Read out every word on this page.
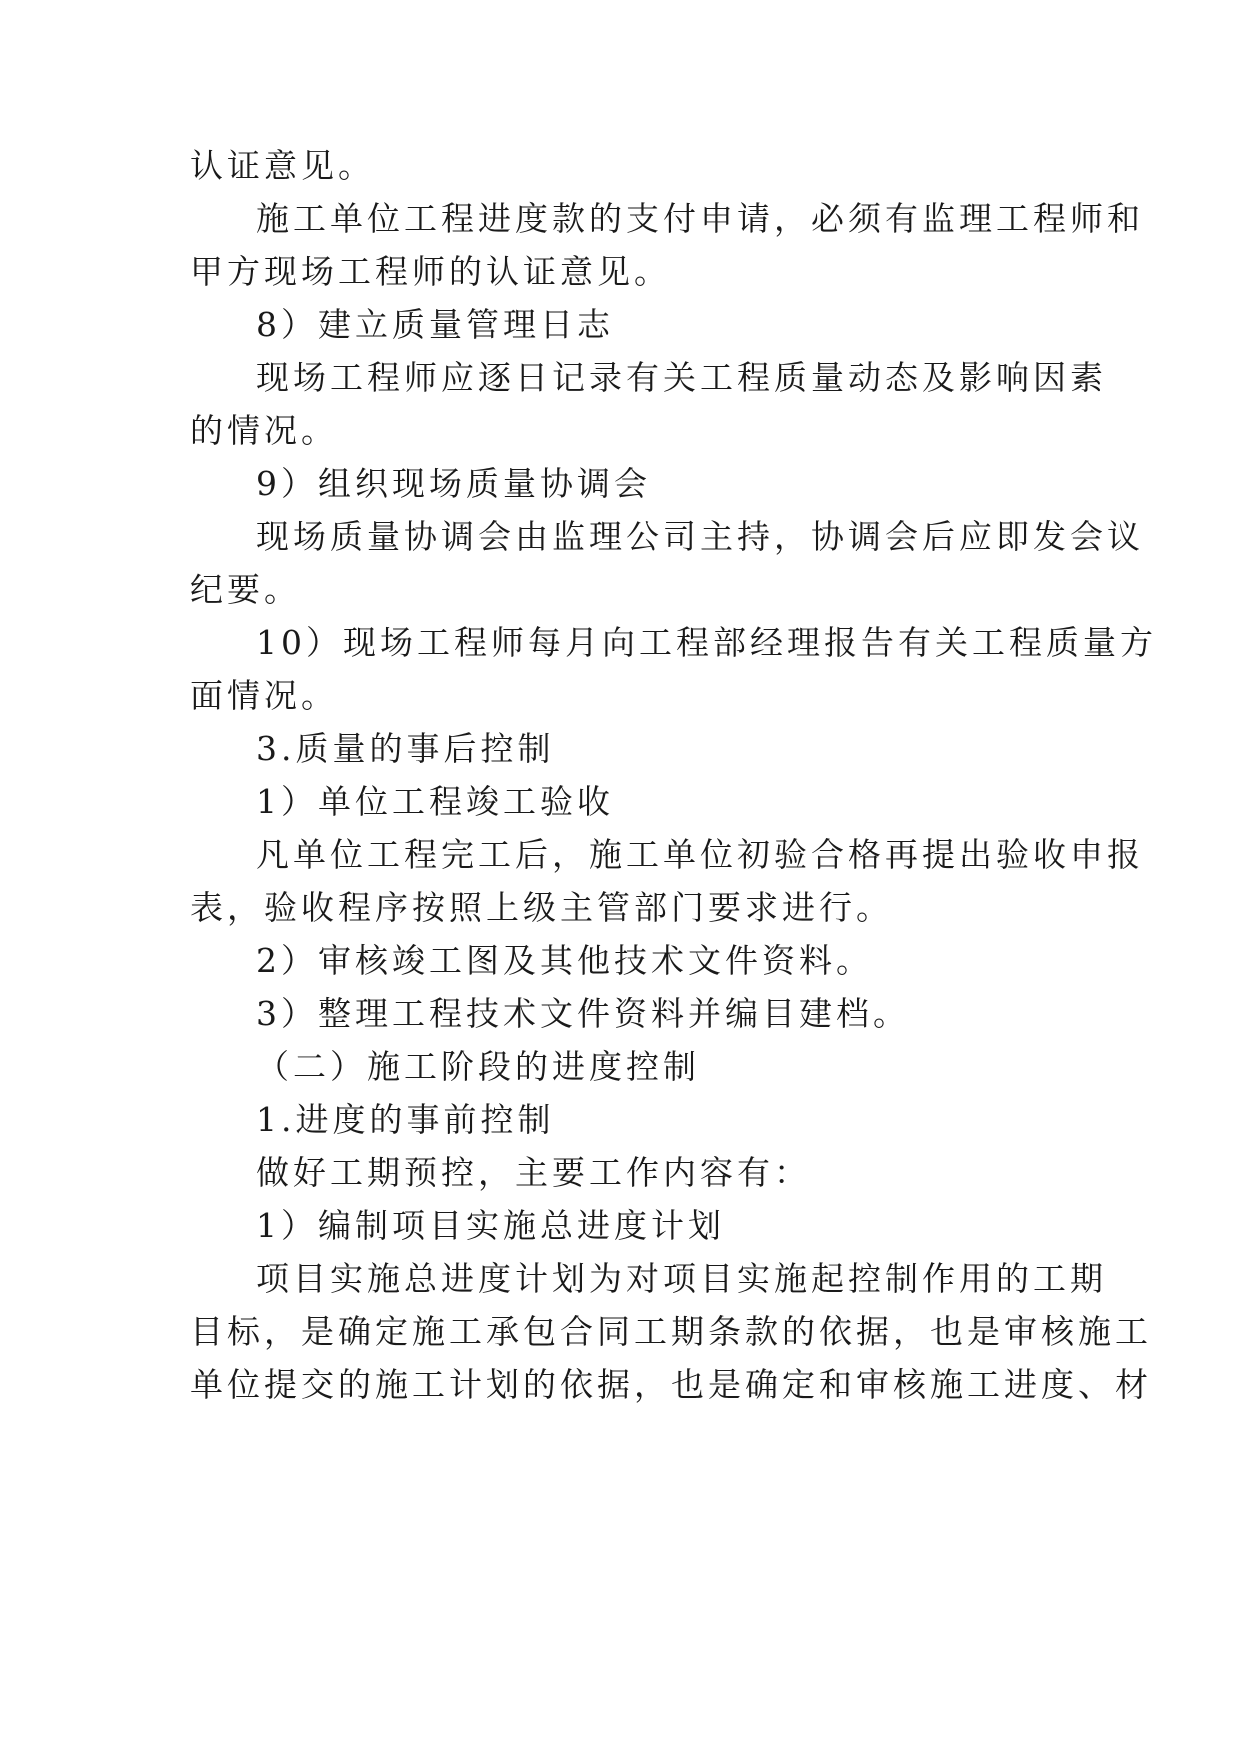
认证意见。
施工单位工程进度款的支付申请，必须有监理工程师和
甲方现场工程师的认证意见。
8）建立质量管理日志
现场工程师应逐日记录有关工程质量动态及影响因素
的情况。
9）组织现场质量协调会
现场质量协调会由监理公司主持，协调会后应即发会议
纪要。
10）现场工程师每月向工程部经理报告有关工程质量方
面情况。
3.质量的事后控制
1）单位工程竣工验收
凡单位工程完工后，施工单位初验合格再提出验收申报
表，验收程序按照上级主管部门要求进行。
2）审核竣工图及其他技术文件资料。
3）整理工程技术文件资料并编目建档。
（二）施工阶段的进度控制
1.进度的事前控制
做好工期预控，主要工作内容有：
1）编制项目实施总进度计划
项目实施总进度计划为对项目实施起控制作用的工期
目标，是确定施工承包合同工期条款的依据，也是审核施工
单位提交的施工计划的依据，也是确定和审核施工进度、材
